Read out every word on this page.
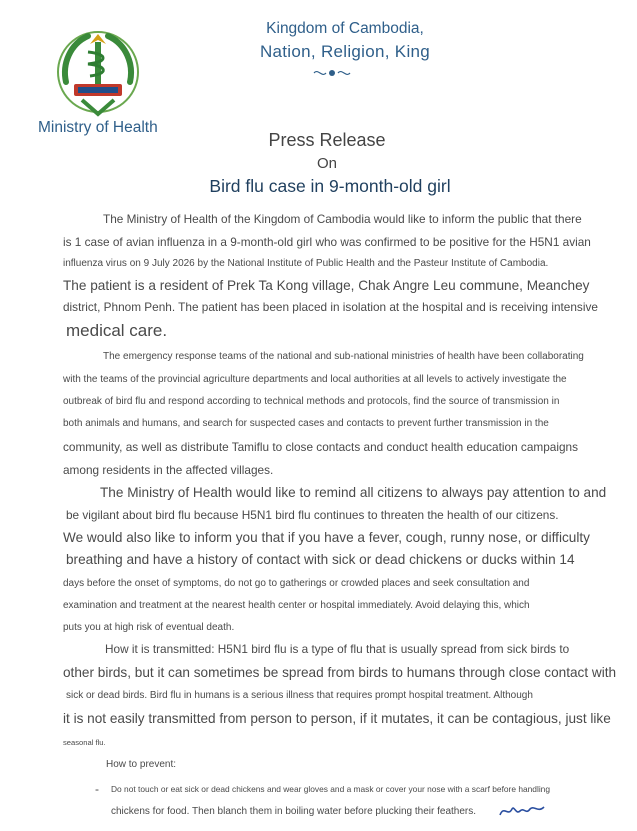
Ministry of Health
Kingdom of Cambodia,
Nation, Religion, King
Press Release
On
Bird flu case in 9-month-old girl
The Ministry of Health of the Kingdom of Cambodia would like to inform the public that there
is 1 case of avian influenza in a 9-month-old girl who was confirmed to be positive for the H5N1 avian
influenza virus on 9 July 2026 by the National Institute of Public Health and the Pasteur Institute of Cambodia.
The patient is a resident of Prek Ta Kong village, Chak Angre Leu commune, Meanchey
district, Phnom Penh. The patient has been placed in isolation at the hospital and is receiving intensive
medical care.
The emergency response teams of the national and sub-national ministries of health have been collaborating
with the teams of the provincial agriculture departments and local authorities at all levels to actively investigate the
outbreak of bird flu and respond according to technical methods and protocols, find the source of transmission in
both animals and humans, and search for suspected cases and contacts to prevent further transmission in the
community, as well as distribute Tamiflu to close contacts and conduct health education campaigns
among residents in the affected villages.
The Ministry of Health would like to remind all citizens to always pay attention to and
be vigilant about bird flu because H5N1 bird flu continues to threaten the health of our citizens.
We would also like to inform you that if you have a fever, cough, runny nose, or difficulty
breathing and have a history of contact with sick or dead chickens or ducks within 14
days before the onset of symptoms, do not go to gatherings or crowded places and seek consultation and
examination and treatment at the nearest health center or hospital immediately. Avoid delaying this, which
puts you at high risk of eventual death.
How it is transmitted: H5N1 bird flu is a type of flu that is usually spread from sick birds to
other birds, but it can sometimes be spread from birds to humans through close contact with
sick or dead birds. Bird flu in humans is a serious illness that requires prompt hospital treatment. Although
it is not easily transmitted from person to person, if it mutates, it can be contagious, just like
seasonal flu.
How to prevent:
- Do not touch or eat sick or dead chickens and wear gloves and a mask or cover your nose with a scarf before handling
chickens for food. Then blanch them in boiling water before plucking their feathers.
